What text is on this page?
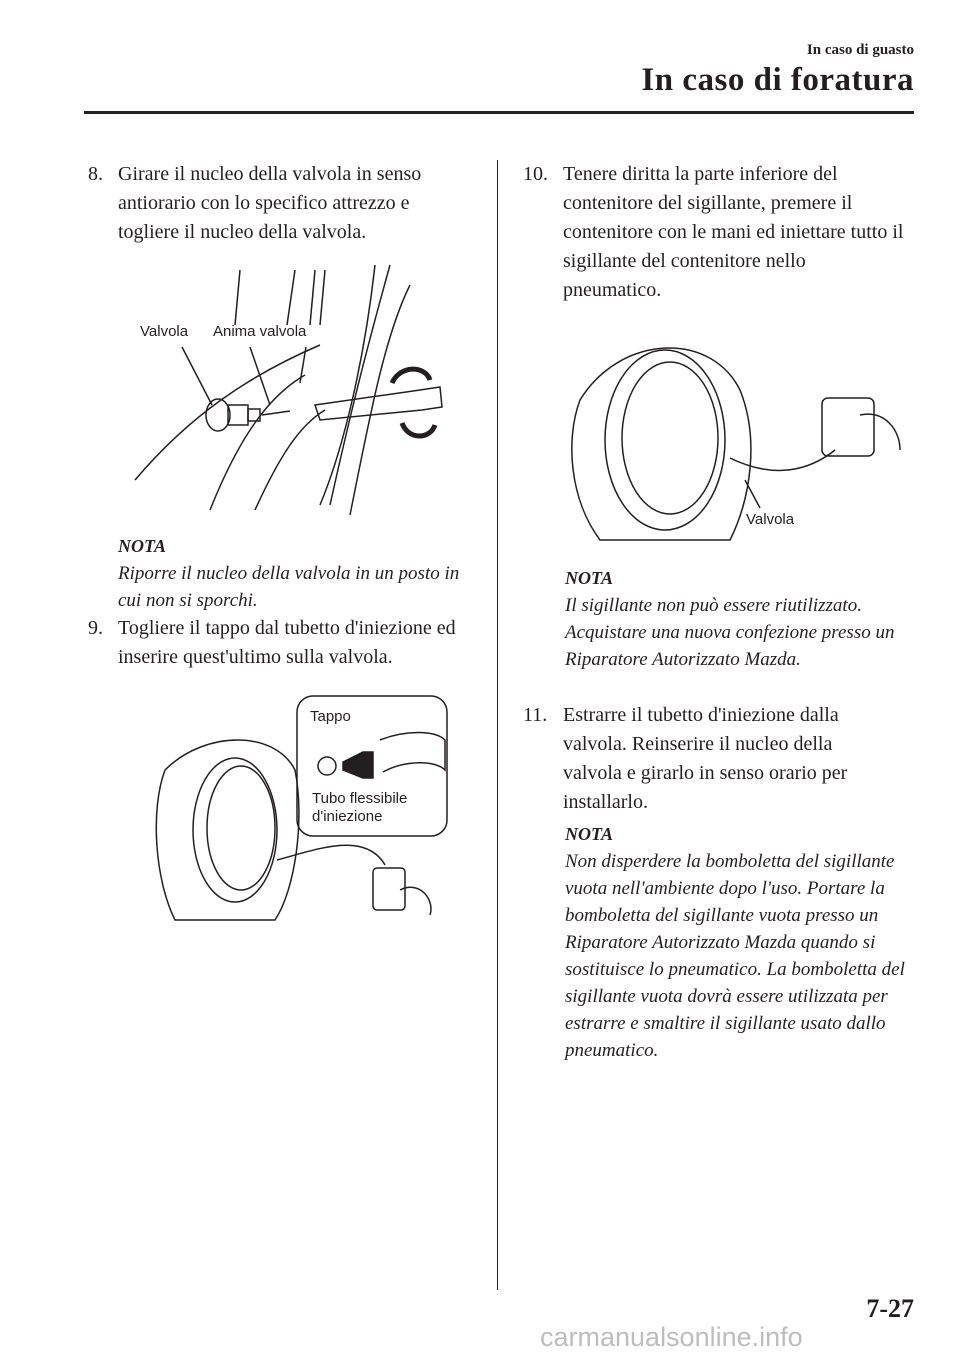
In caso di guasto
In caso di foratura
8. Girare il nucleo della valvola in senso antiorario con lo specifico attrezzo e togliere il nucleo della valvola.
Valvola Anima valvola
NOTA
Riporre il nucleo della valvola in un posto in cui non si sporchi.
9. Togliere il tappo dal tubetto d'iniezione ed inserire quest'ultimo sulla valvola.
Tappo
Tubo flessibile
d'iniezione
10. Tenere diritta la parte inferiore del contenitore del sigillante, premere il contenitore con le mani ed iniettare tutto il sigillante del contenitore nello pneumatico.
Valvola
NOTA
Il sigillante non può essere riutilizzato. Acquistare una nuova confezione presso un Riparatore Autorizzato Mazda.
11. Estrarre il tubetto d'iniezione dalla valvola. Reinserire il nucleo della valvola e girarlo in senso orario per installarlo.
NOTA
Non disperdere la bomboletta del sigillante vuota nell'ambiente dopo l'uso. Portare la bomboletta del sigillante vuota presso un Riparatore Autorizzato Mazda quando si sostituisce lo pneumatico. La bomboletta del sigillante vuota dovrà essere utilizzata per estrarre e smaltire il sigillante usato dallo pneumatico.
7-27
carmanualsonline.info
